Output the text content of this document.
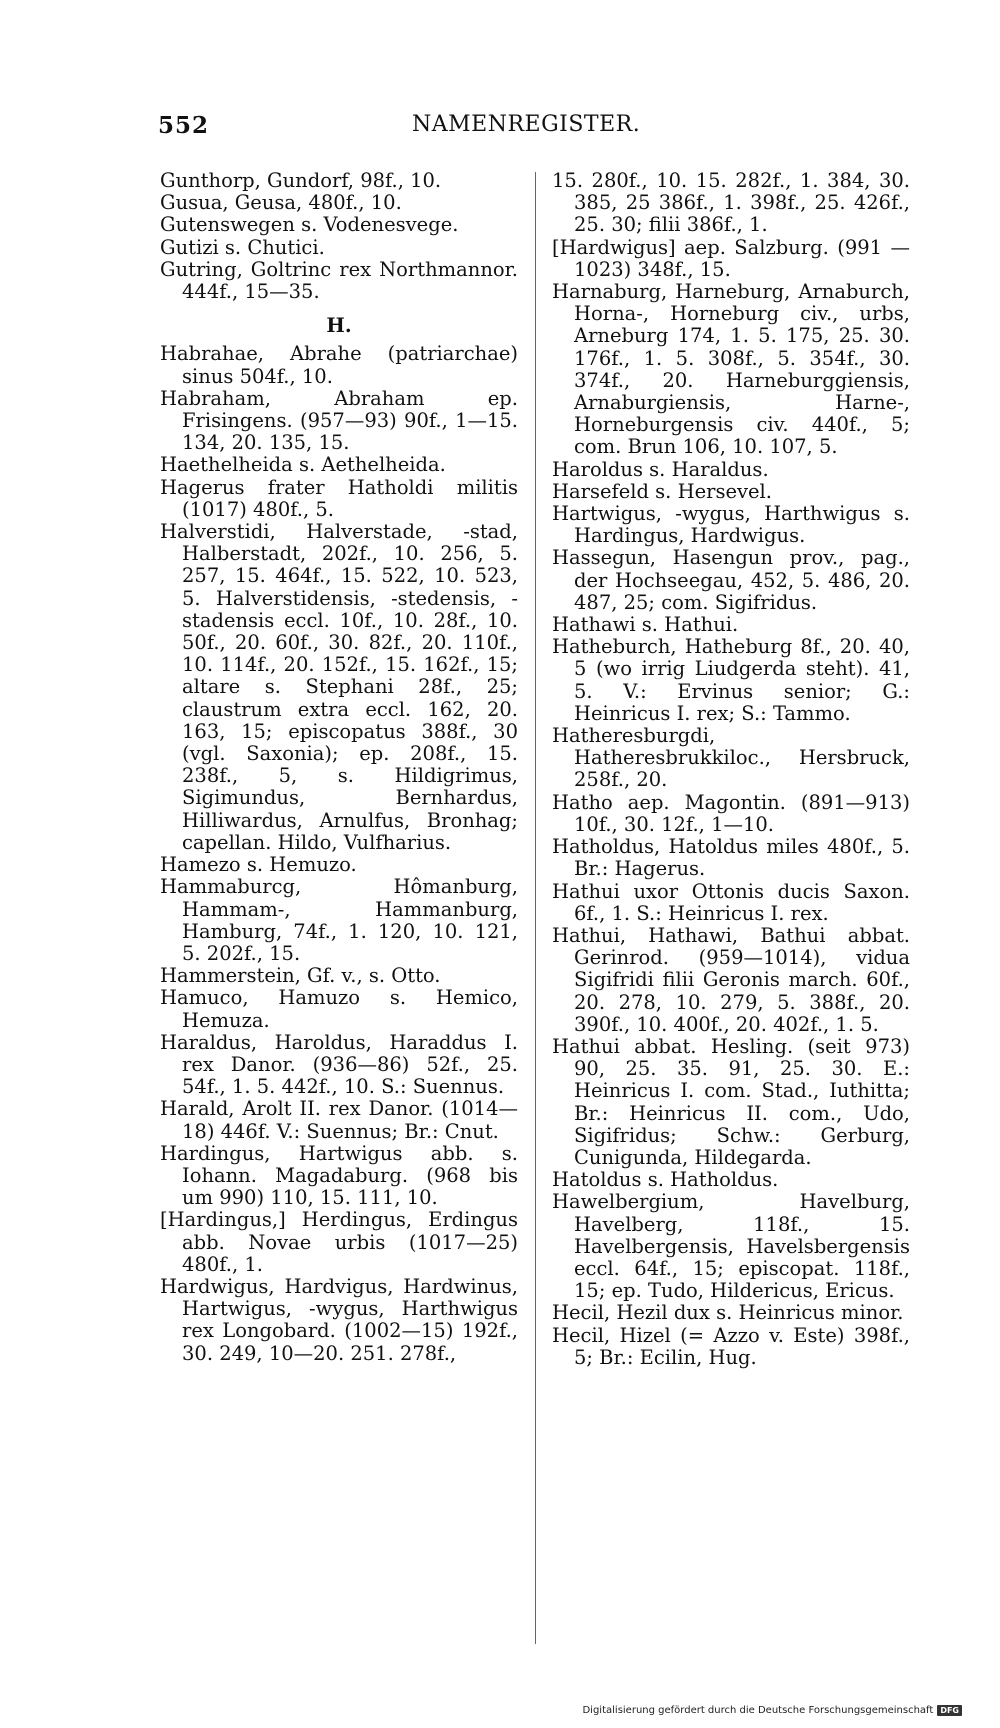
552	NAMENREGISTER.

Gunthorp, Gundorf, 98f., 10.

Gusua, Geusa, 480f., 10.

Gutenswegen s. Vodenesvege.

Gutizi s. Chutici.

Gutring, Goltrinc rex Northmannor. 444f., 15—35.

H.

Habrahae, Abrahe (patriarchae) sinus 504f., 10.

Habraham, Abraham ep. Frisingens. (957—93) 90f., 1—15. 134, 20. 135, 15.

Haethelheida s. Aethelheida.

Hagerus frater Hatholdi militis (1017) 480f., 5.

Halverstidi, Halverstade, -stad, Halberstadt, 202f., 10. 256, 5. 257, 15. 464f., 15. 522, 10. 523, 5. Halverstidensis, -stedensis, -stadensis eccl. 10f., 10. 28f., 10. 50f., 20. 60f., 30. 82f., 20. 110f., 10. 114f., 20. 152f., 15. 162f., 15; altare s. Stephani 28f., 25; claustrum extra eccl. 162, 20. 163, 15; episcopatus 388f., 30 (vgl. Saxonia); ep. 208f., 15. 238f., 5, s. Hildigrimus, Sigimundus, Bernhardus, Hilliwardus, Arnulfus, Bronhag; capellan. Hildo, Vulfharius.

Hamezo s. Hemuzo.

Hammaburcg, Hômanburg, Hammam-, Hammanburg, Hamburg, 74f., 1. 120, 10. 121, 5. 202f., 15.

Hammerstein, Gf. v., s. Otto.

Hamuco, Hamuzo s. Hemico, Hemuza.

Haraldus, Haroldus, Haraddus I. rex Danor. (936—86) 52f., 25. 54f., 1. 5. 442f., 10. S.: Suennus.

Harald, Arolt II. rex Danor. (1014—18) 446f. V.: Suennus; Br.: Cnut.

Hardingus, Hartwigus abb. s. Iohann. Magadaburg. (968 bis um 990) 110, 15. 111, 10.

[Hardingus,] Herdingus, Erdingus abb. Novae urbis (1017—25) 480f., 1.

Hardwigus, Hardvigus, Hardwinus, Hartwigus, -wygus, Harthwigus rex Longobard. (1002—15) 192f., 30. 249, 10—20. 251. 278f.,

15. 280f., 10. 15. 282f., 1. 384, 30. 385, 25 386f., 1. 398f., 25. 426f., 25. 30; filii 386f., 1.

[Hardwigus] aep. Salzburg. (991 —1023) 348f., 15.

Harnaburg, Harneburg, Arnaburch, Horna-, Horneburg civ., urbs, Arneburg 174, 1. 5. 175, 25. 30. 176f., 1. 5. 308f., 5. 354f., 30. 374f., 20. Harneburggiensis, Arnaburgiensis, Harne-, Horneburgensis civ. 440f., 5; com. Brun 106, 10. 107, 5.

Haroldus s. Haraldus.

Harsefeld s. Hersevel.

Hartwigus, -wygus, Harthwigus s. Hardingus, Hardwigus.

Hassegun, Hasengun prov., pag., der Hochseegau, 452, 5. 486, 20. 487, 25; com. Sigifridus.

Hathawi s. Hathui.

Hatheburch, Hatheburg 8f., 20. 40, 5 (wo irrig Liudgerda steht). 41, 5. V.: Ervinus senior; G.: Heinricus I. rex; S.: Tammo.

Hatheresburgdi, Hatheresbrukkiloc., Hersbruck, 258f., 20.

Hatho aep. Magontin. (891—913) 10f., 30. 12f., 1—10.

Hatholdus, Hatoldus miles 480f., 5. Br.: Hagerus.

Hathui uxor Ottonis ducis Saxon. 6f., 1. S.: Heinricus I. rex.

Hathui, Hathawi, Bathui abbat. Gerinrod. (959—1014), vidua Sigifridi filii Geronis march. 60f., 20. 278, 10. 279, 5. 388f., 20. 390f., 10. 400f., 20. 402f., 1. 5.

Hathui abbat. Hesling. (seit 973) 90, 25. 35. 91, 25. 30. E.: Heinricus I. com. Stad., Iuthitta; Br.: Heinricus II. com., Udo, Sigifridus; Schw.: Gerburg, Cunigunda, Hildegarda.

Hatoldus s. Hatholdus.

Hawelbergium, Havelburg, Havelberg, 118f., 15. Havelbergensis, Havelsbergensis eccl. 64f., 15; episcopat. 118f., 15; ep. Tudo, Hildericus, Ericus.

Hecil, Hezil dux s. Heinricus minor.

Hecil, Hizel (= Azzo v. Este) 398f., 5; Br.: Ecilin, Hug.

Digitalisierung gefördert durch die Deutsche Forschungsgemeinschaft DFG
